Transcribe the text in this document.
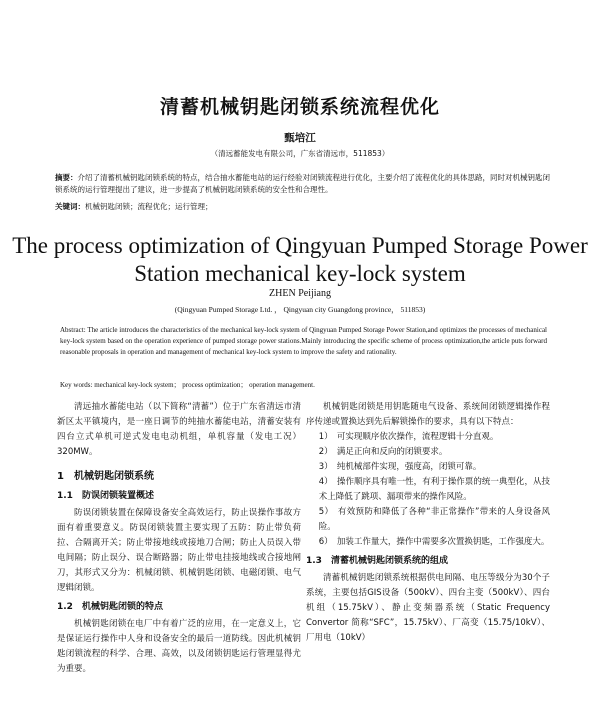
清蓄机械钥匙闭锁系统流程优化
甄培江
（清远蓄能发电有限公司，广东省清远市，511853）
摘要：介绍了清蓄机械钥匙闭锁系统的特点，结合抽水蓄能电站的运行经验对闭锁流程进行优化，主要介绍了流程优化的具体思路，同时对机械钥匙闭锁系统的运行管理提出了建议，进一步提高了机械钥匙闭锁系统的安全性和合理性。
关键词：机械钥匙闭锁；流程优化；运行管理；
The process optimization of Qingyuan Pumped Storage Power Station mechanical key-lock system
ZHEN Peijiang
(Qingyuan Pumped Storage Ltd. ， Qingyuan city Guangdong province， 511853)
Abstract: The article introduces the characteristics of the mechanical key-lock system of Qingyuan Pumped Storage Power Station,and optimizes the processes of mechanical key-lock system based on the operation experience of pumped storage power stations.Mainly introducing the specific scheme of process optimization,the article puts forward reasonable proposals in operation and management of mechanical key-lock system to improve the safety and rationality.
Key words: mechanical key-lock system； process optimization； operation management.

清远抽水蓄能电站（以下简称“清蓄”）位于广东省清远市清新区太平镇境内，是一座日调节的纯抽水蓄能电站，清蓄安装有四台立式单机可逆式发电电动机组，单机容量（发电工况）320MW。

1　机械钥匙闭锁系统
1.1　防误闭锁装置概述

防误闭锁装置在保障设备安全高效运行，防止误操作事故方面有着重要意义。防误闭锁装置主要实现了五防：防止带负荷拉、合隔离开关；防止带接地线或接地刀合闸；防止人员误入带电间隔；防止误分、误合断路器；防止带电挂接地线或合接地闸刀，其形式又分为：机械闭锁、机械钥匙闭锁、电磁闭锁、电气逻辑闭锁。

1.2　机械钥匙闭锁的特点

机械钥匙闭锁在电厂中有着广泛的应用，在一定意义上，它是保证运行操作中人身和设备安全的最后一道防线。因此机械钥匙闭锁流程的科学、合理、高效，以及闭锁钥匙运行管理显得尤为重要。

机械钥匙闭锁是用钥匙随电气设备、系统间闭锁逻辑操作程序传递或置换达到先后解锁操作的要求，具有以下特点：

1）　可实现顺序依次操作，流程逻辑十分直观。

2）　满足正向和反向的闭锁要求。

3）　纯机械部件实现，强度高，闭锁可靠。

4）　操作顺序具有唯一性，有利于操作票的统一典型化，从技术上降低了跳项、漏项带来的操作风险。

5）　有效预防和降低了各种“非正常操作”带来的人身设备风险。

6）　加装工作量大，操作中需要多次置换钥匙，工作强度大。

1.3　清蓄机械钥匙闭锁系统的组成

清蓄机械钥匙闭锁系统根据供电间隔、电压等级分为30个子系统，主要包括GIS设备（500kV）、四台主变（500kV）、四台机组（15.75kV）、静止变频器系统（Static Frequency Convertor 简称“SFC”，15.75kV）、厂高变（15.75/10kV）、厂用电（10kV）
